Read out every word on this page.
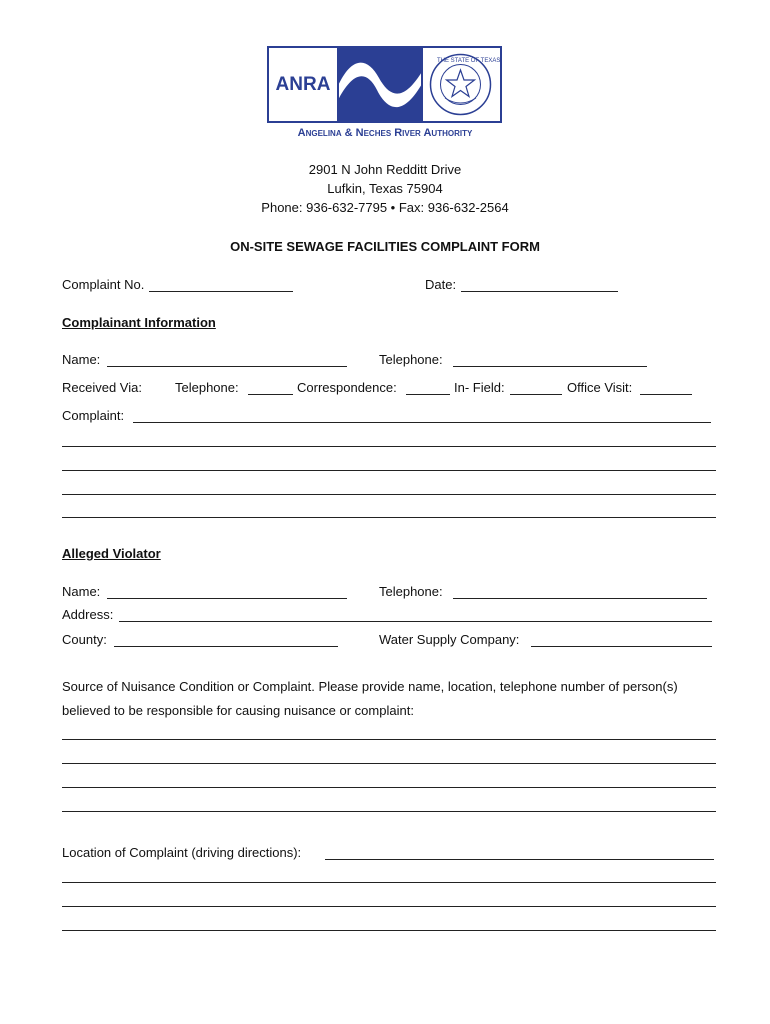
ANRA
THE STATE OF TEXAS
Angelina & Neches River Authority
2901 N John Redditt Drive
Lufkin, Texas 75904
Phone: 936-632-7795 • Fax: 936-632-2564
ON-SITE SEWAGE FACILITIES COMPLAINT FORM
Complaint No.	Date:
Complainant Information
Name:	Telephone:
Received Via:	Telephone:	Correspondence:	In- Field:	Office Visit:
Complaint:
Alleged Violator
Name:	Telephone:
Address:
County:	Water Supply Company:
Source of Nuisance Condition or Complaint. Please provide name, location, telephone number of person(s)
believed to be responsible for causing nuisance or complaint:
Location of Complaint (driving directions):
